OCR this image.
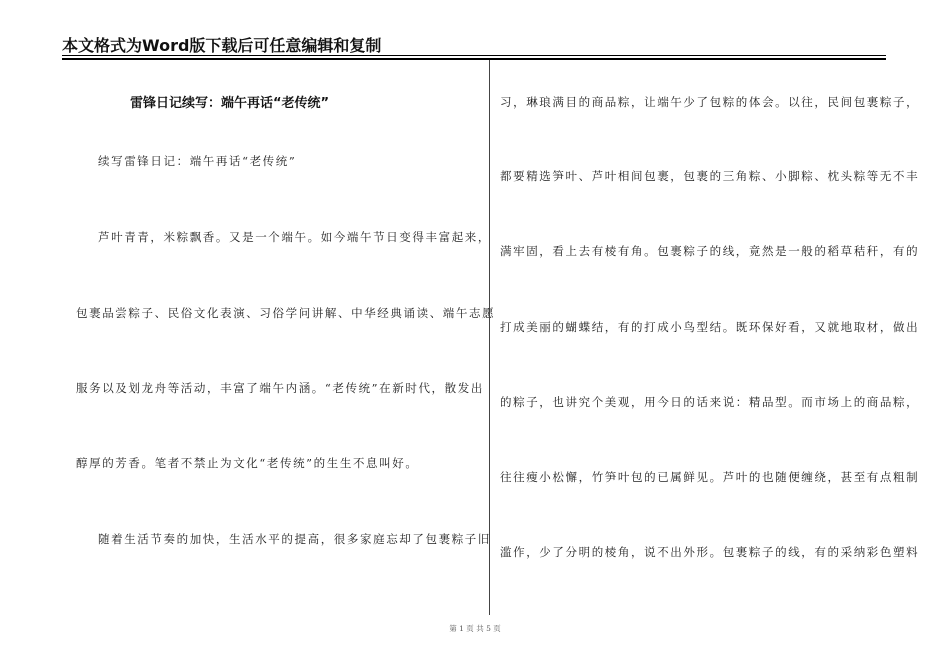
本文格式为Word版下载后可任意编辑和复制
雷锋日记续写：端午再话“老传统”
续写雷锋日记：端午再话“老传统”
芦叶青青，米粽飘香。又是一个端午。如今端午节日变得丰富起来，
包裹品尝粽子、民俗文化表演、习俗学问讲解、中华经典诵读、端午志愿
服务以及划龙舟等活动，丰富了端午内涵。“老传统”在新时代，散发出
醇厚的芳香。笔者不禁止为文化“老传统”的生生不息叫好。
随着生活节奏的加快，生活水平的提高，很多家庭忘却了包裹粽子旧
习，琳琅满目的商品粽，让端午少了包粽的体会。以往，民间包裹粽子，
都要精选笋叶、芦叶相间包裹，包裹的三角粽、小脚粽、枕头粽等无不丰
满牢固，看上去有棱有角。包裹粽子的线，竟然是一般的稻草秸秆，有的
打成美丽的蝴蝶结，有的打成小鸟型结。既环保好看，又就地取材，做出
的粽子，也讲究个美观，用今日的话来说：精品型。而市场上的商品粽，
往往瘦小松懈，竹笋叶包的已属鲜见。芦叶的也随便缠绕，甚至有点粗制
滥作，少了分明的棱角，说不出外形。包裹粽子的线，有的采纳彩色塑料
第 1 页 共 5 页
